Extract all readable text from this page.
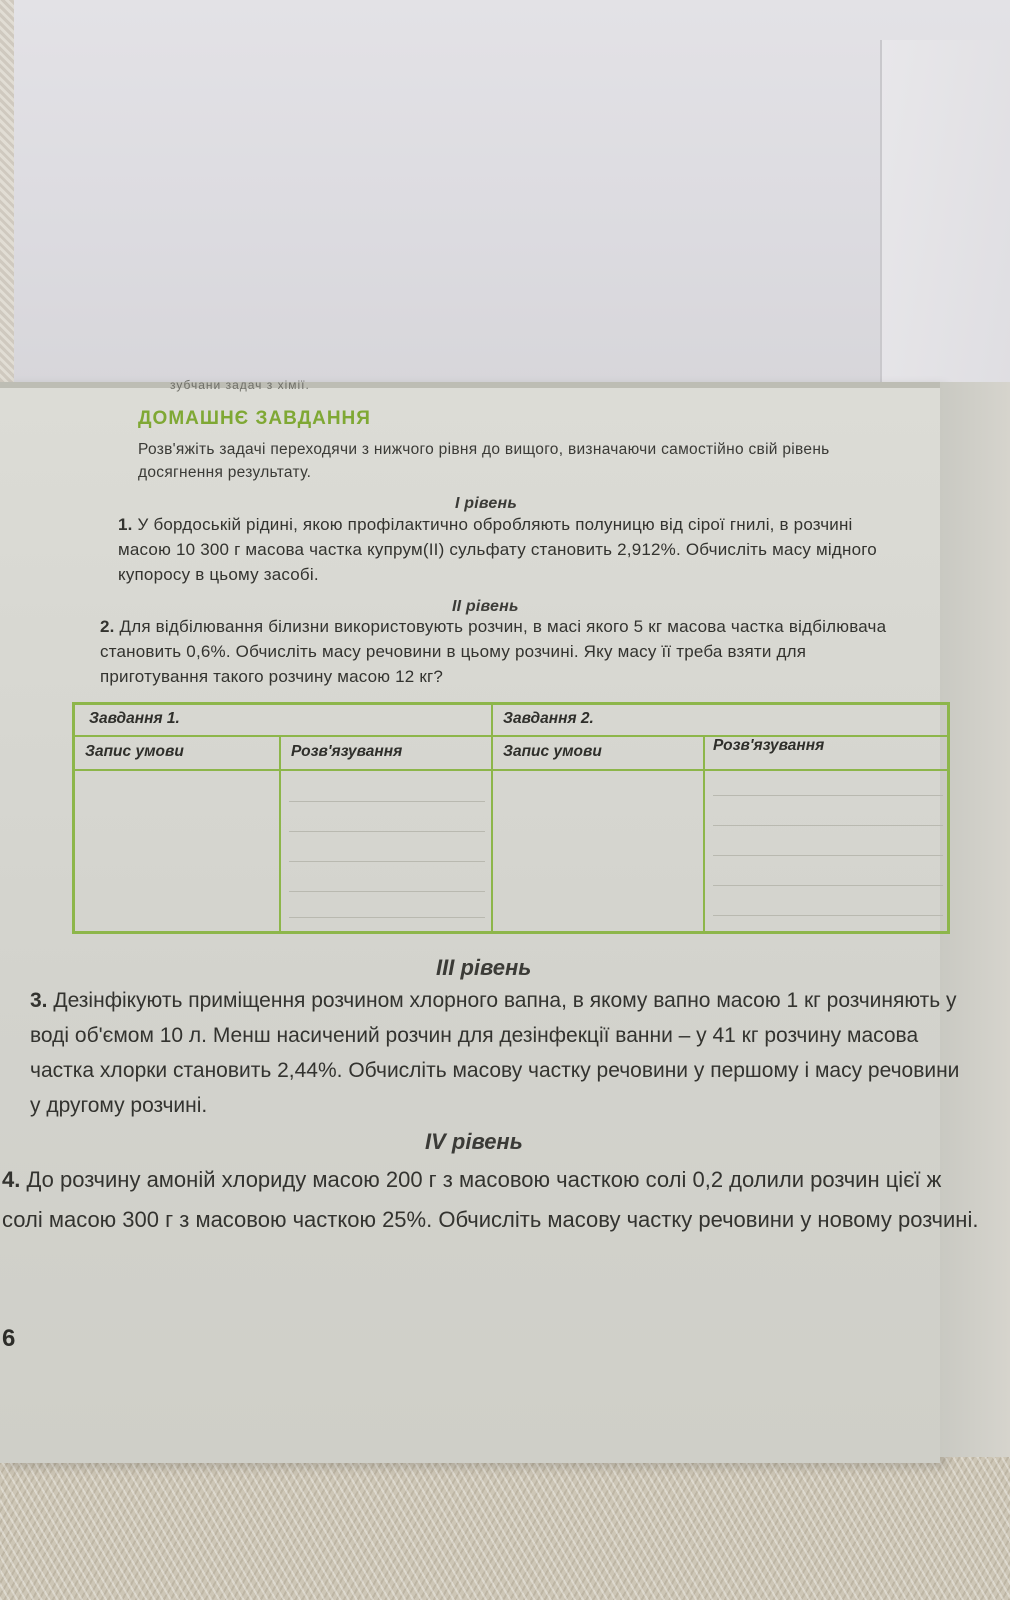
зубчани задач з хімії.
ДОМАШНЄ ЗАВДАННЯ

Розв'яжіть задачі переходячи з нижчого рівня до вищого, визначаючи самостійно свій рівень досягнення результату.

І рівень

1. У бордоській рідині, якою профілактично обробляють полуницю від сірої гнилі, в розчині масою 10 300 г масова частка купрум(ІІ) сульфату становить 2,912%. Обчисліть масу мідного купоросу в цьому засобі.

ІІ рівень

2. Для відбілювання білизни використовують розчин, в масі якого 5 кг масова частка відбілювача становить 0,6%. Обчисліть масу речовини в цьому розчині. Яку масу її треба взяти для приготування такого розчину масою 12 кг?

Завдання 1.	Завдання 2.
Запис умови	Розв'язування	Запис умови	Розв'язування

ІІІ рівень

3. Дезінфікують приміщення розчином хлорного вапна, в якому вапно масою 1 кг розчиняють у воді об'ємом 10 л. Менш насичений розчин для дезінфекції ванни – у 41 кг розчину масова частка хлорки становить 2,44%. Обчисліть масову частку речовини у першому і масу речовини у другому розчині.

ІV рівень

4. До розчину амоній хлориду масою 200 г з масовою часткою солі 0,2 долили розчин цієї ж солі масою 300 г з масовою часткою 25%. Обчисліть масову частку речовини у новому розчині.

6
